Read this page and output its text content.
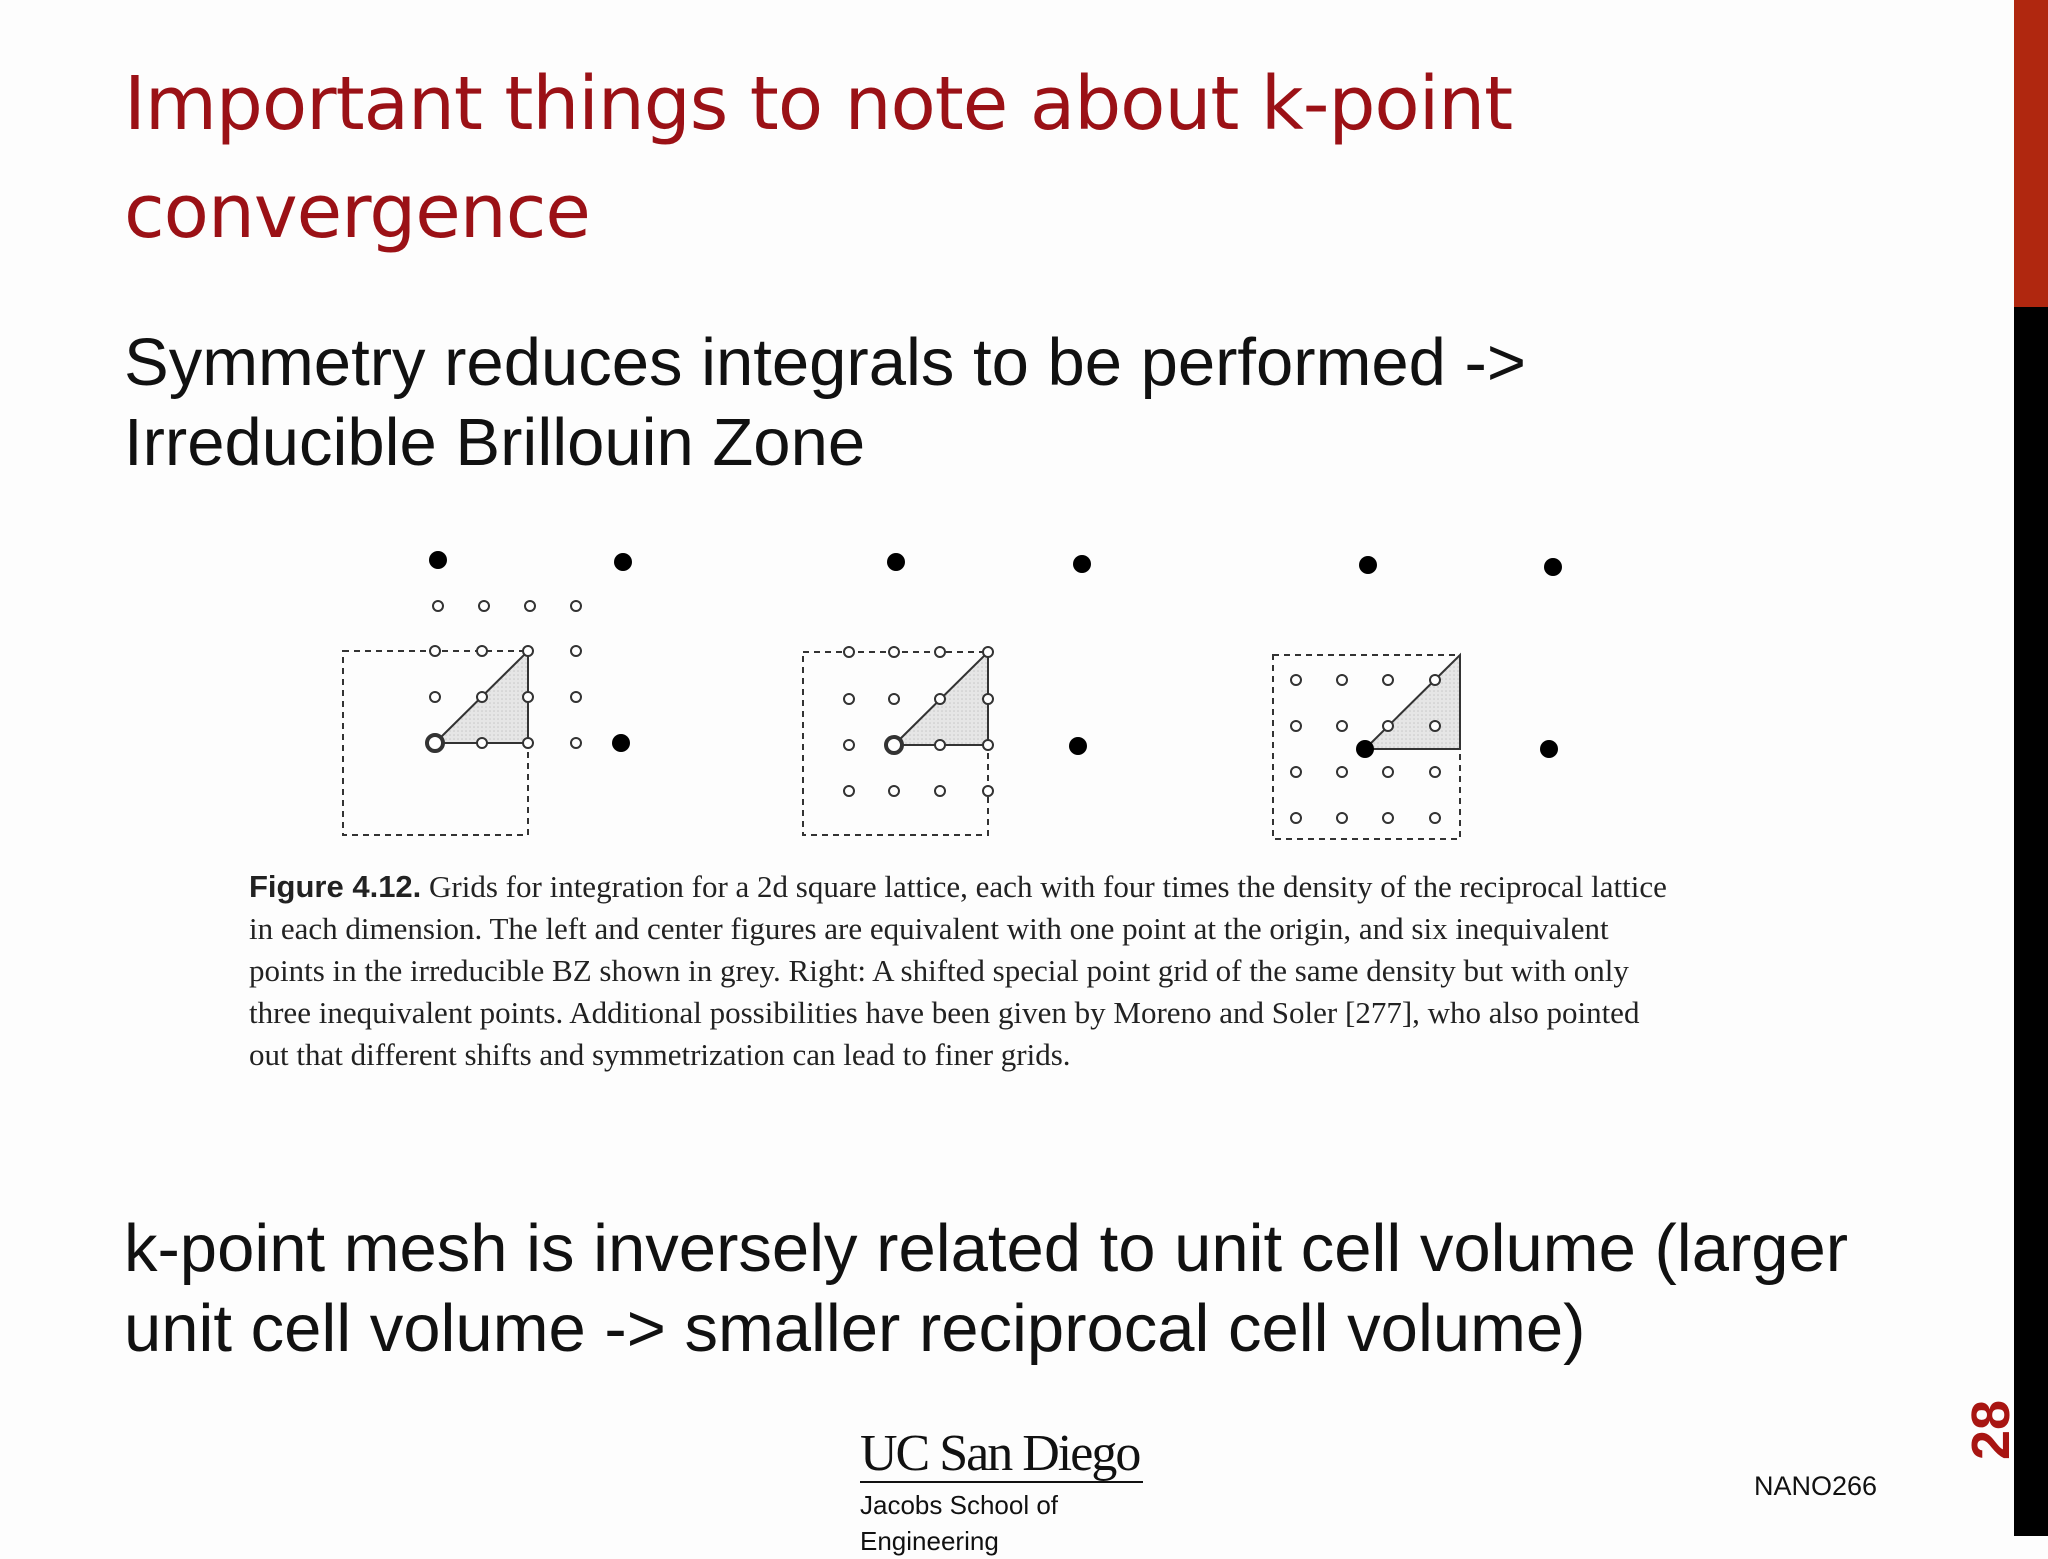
28
Important things to note about k-point convergence
Symmetry reduces integrals to be performed ->
Irreducible Brillouin Zone
Figure 4.12. Grids for integration for a 2d square lattice, each with four times the density of the reciprocal lattice in each dimension. The left and center figures are equivalent with one point at the origin, and six inequivalent points in the irreducible BZ shown in grey. Right: A shifted special point grid of the same density but with only three inequivalent points. Additional possibilities have been given by Moreno and Soler [277], who also pointed out that different shifts and symmetrization can lead to finer grids.
k-point mesh is inversely related to unit cell volume (larger
unit cell volume -> smaller reciprocal cell volume)
UC San Diego
Jacobs School of Engineering
NANO266
